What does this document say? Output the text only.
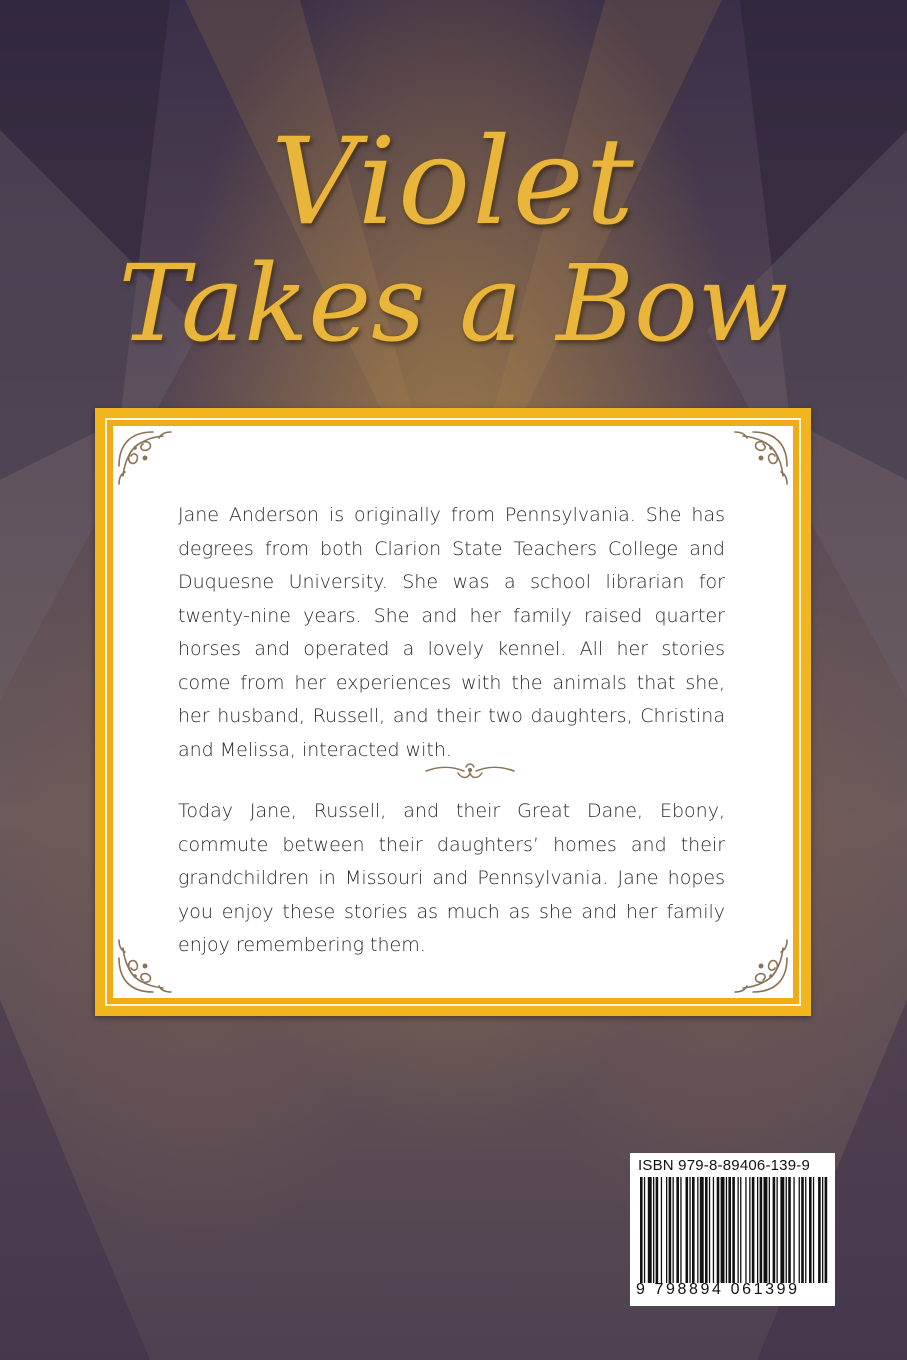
Violet
Takes a Bow

Jane Anderson is originally from Pennsylvania. She has degrees from both Clarion State Teachers College and Duquesne University. She was a school librarian for twenty-nine years. She and her family raised quarter horses and operated a lovely kennel. All her stories come from her experiences with the animals that she, her husband, Russell, and their two daughters, Christina and Melissa, interacted with.

Today Jane, Russell, and their Great Dane, Ebony, commute between their daughters’ homes and their grandchildren in Missouri and Pennsylvania. Jane hopes you enjoy these stories as much as she and her family enjoy remembering them.

ISBN 979-8-89406-139-9
9 798894 061399
